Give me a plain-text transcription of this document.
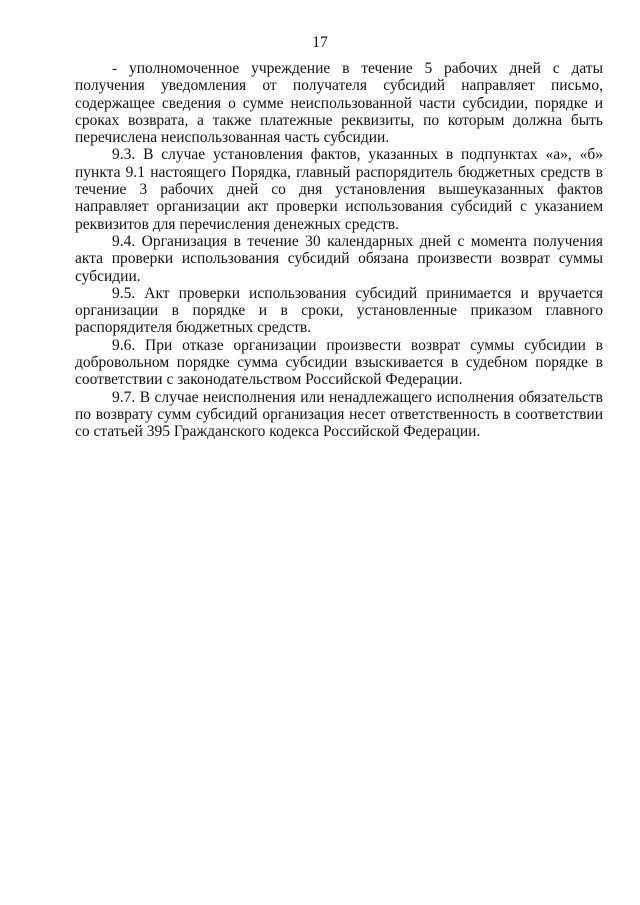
17

- уполномоченное учреждение в течение 5 рабочих дней с даты получения уведомления от получателя субсидий направляет письмо, содержащее сведения о сумме неиспользованной части субсидии, порядке и сроках возврата, а также платежные реквизиты, по которым должна быть перечислена неиспользованная часть субсидии.

9.3. В случае установления фактов, указанных в подпунктах «а», «б» пункта 9.1 настоящего Порядка, главный распорядитель бюджетных средств в течение 3 рабочих дней со дня установления вышеуказанных фактов направляет организации акт проверки использования субсидий с указанием реквизитов для перечисления денежных средств.

9.4. Организация в течение 30 календарных дней с момента получения акта проверки использования субсидий обязана произвести возврат суммы субсидии.

9.5. Акт проверки использования субсидий принимается и вручается организации в порядке и в сроки, установленные приказом главного распорядителя бюджетных средств.

9.6. При отказе организации произвести возврат суммы субсидии в добровольном порядке сумма субсидии взыскивается в судебном порядке в соответствии с законодательством Российской Федерации.

9.7. В случае неисполнения или ненадлежащего исполнения обязательств по возврату сумм субсидий организация несет ответственность в соответствии со статьей 395 Гражданского кодекса Российской Федерации.
